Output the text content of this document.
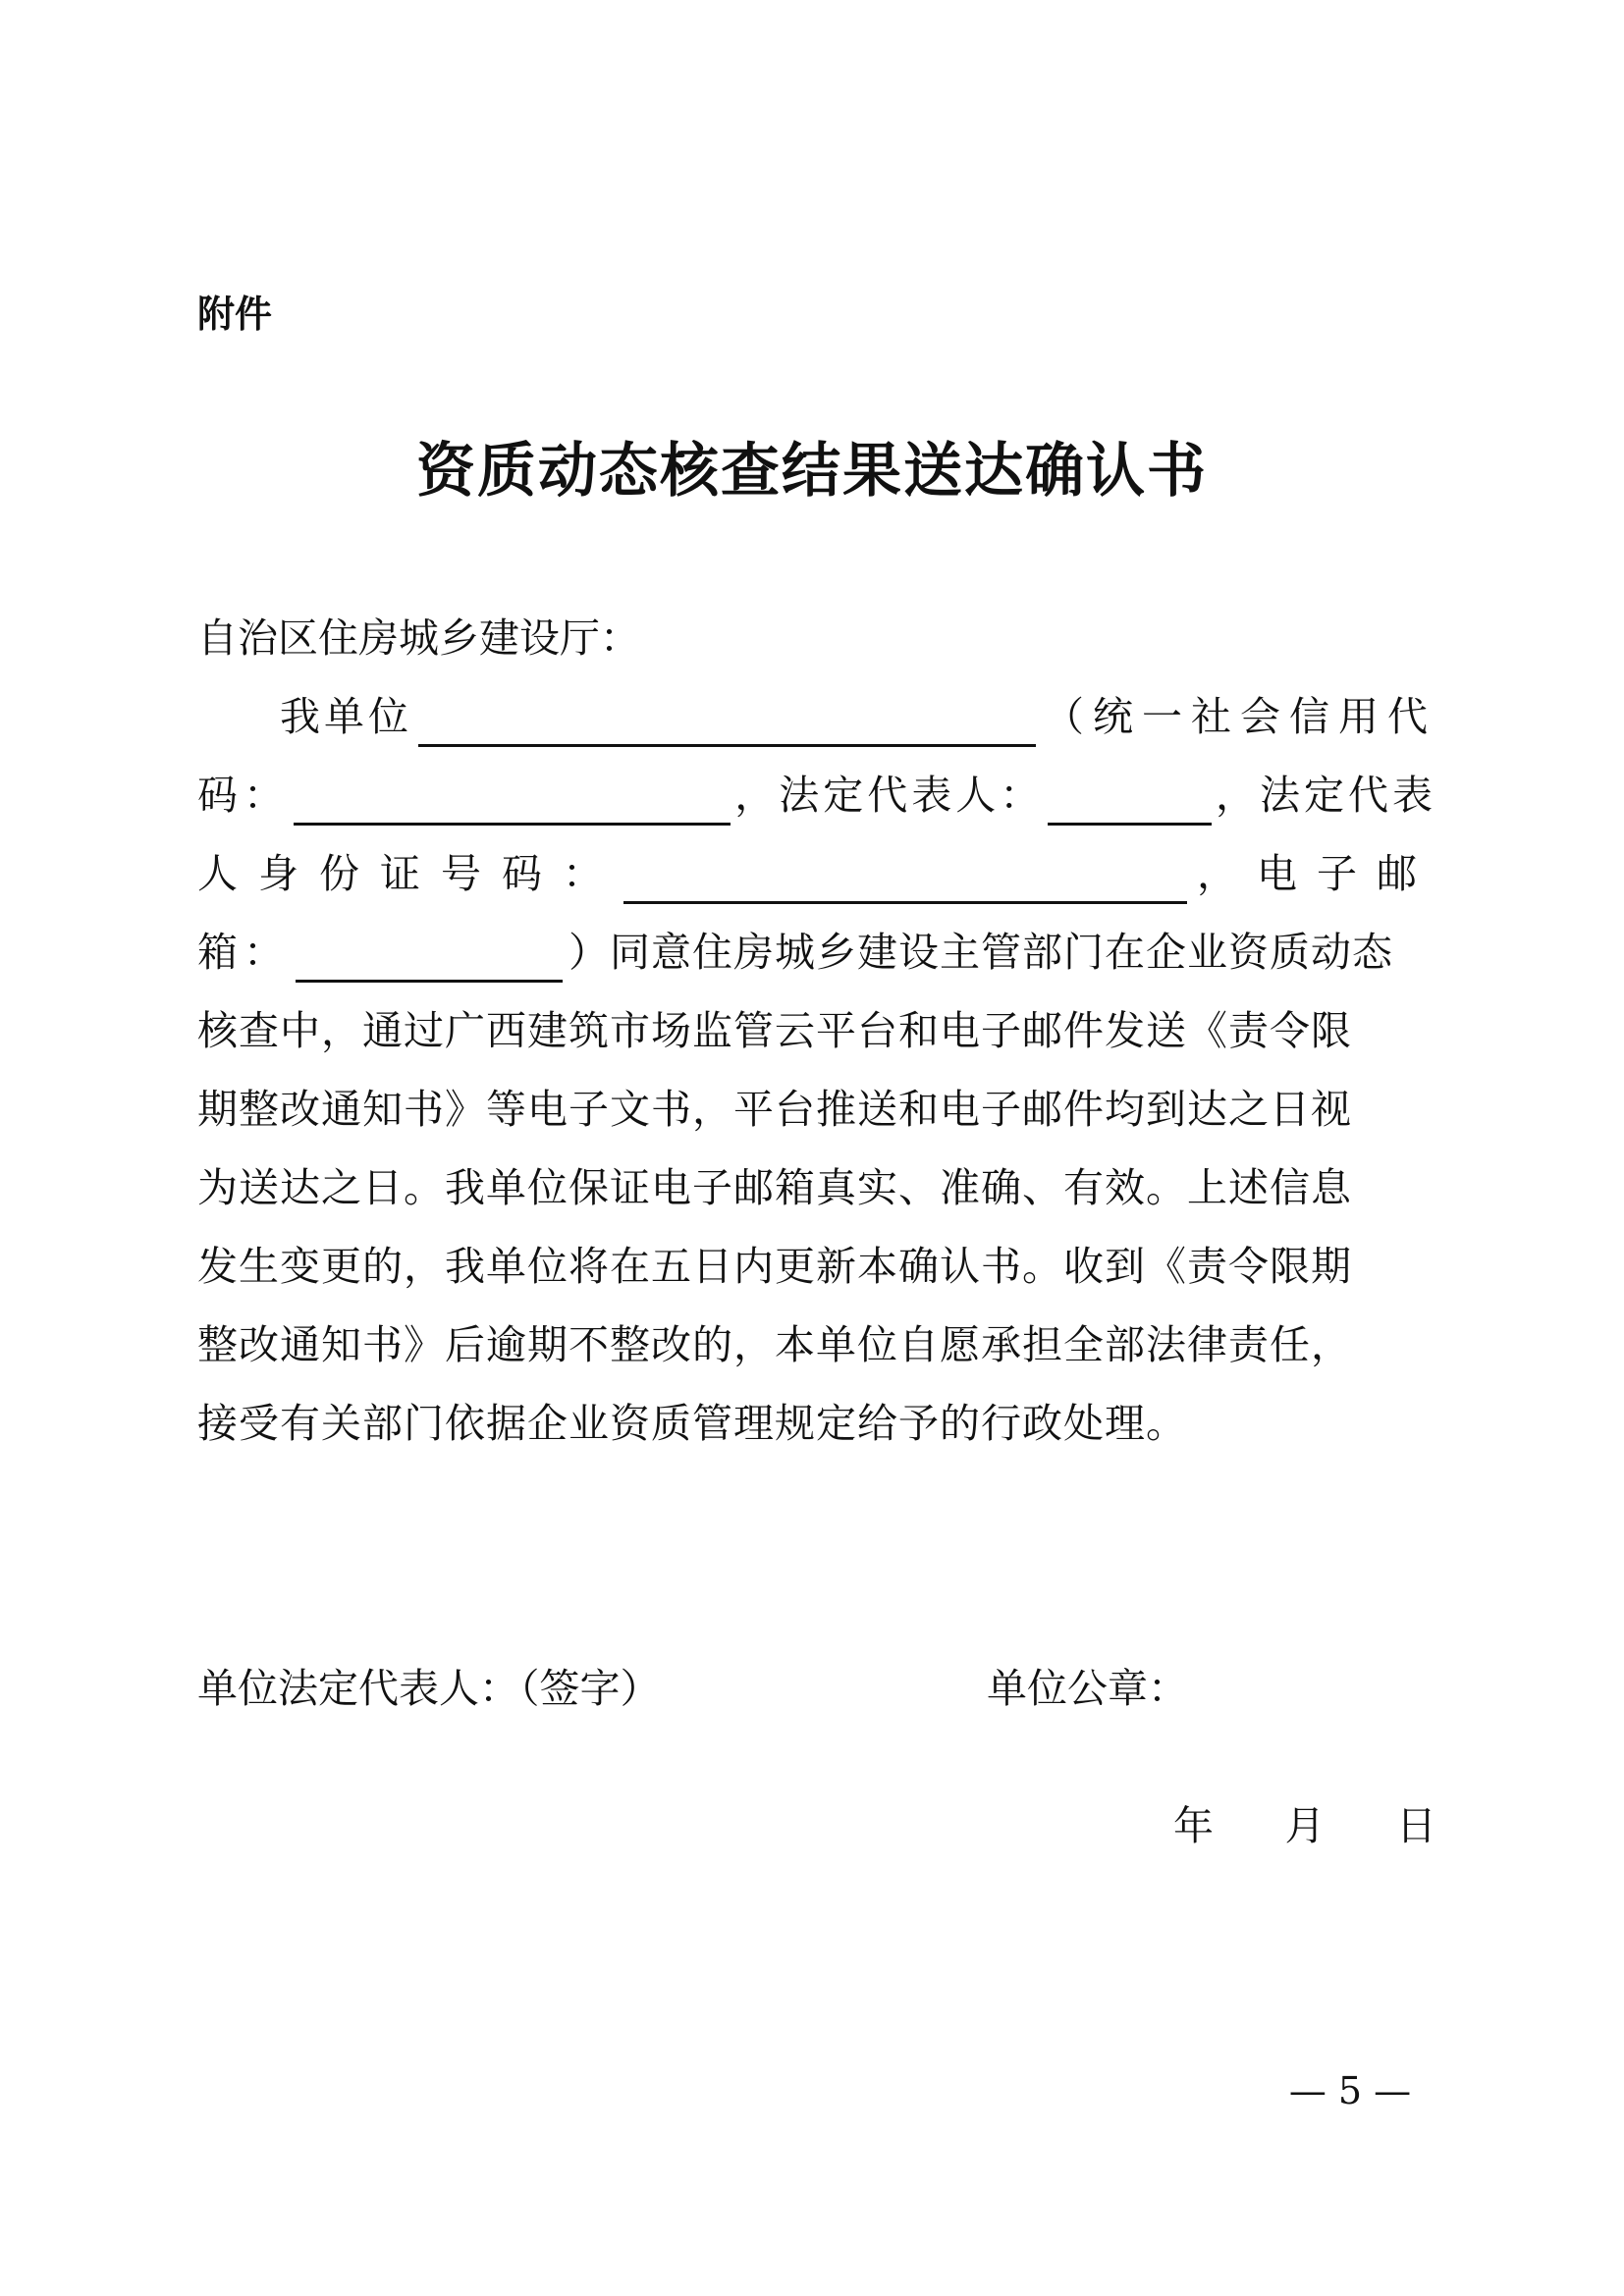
附件
资质动态核查结果送达确认书
自治区住房城乡建设厅：
我单位	（统一社会信用代
码：	，法定代表人：	，法定代表
人身份证号码：	，电子邮
箱：	）同意住房城乡建设主管部门在企业资质动态
核查中，通过广西建筑市场监管云平台和电子邮件发送《责令限
期整改通知书》等电子文书，平台推送和电子邮件均到达之日视
为送达之日。我单位保证电子邮箱真实、准确、有效。上述信息
发生变更的，我单位将在五日内更新本确认书。收到《责令限期
整改通知书》后逾期不整改的，本单位自愿承担全部法律责任，
接受有关部门依据企业资质管理规定给予的行政处理。
单位法定代表人：（签字）	单位公章：
年 月 日
— 5 —
